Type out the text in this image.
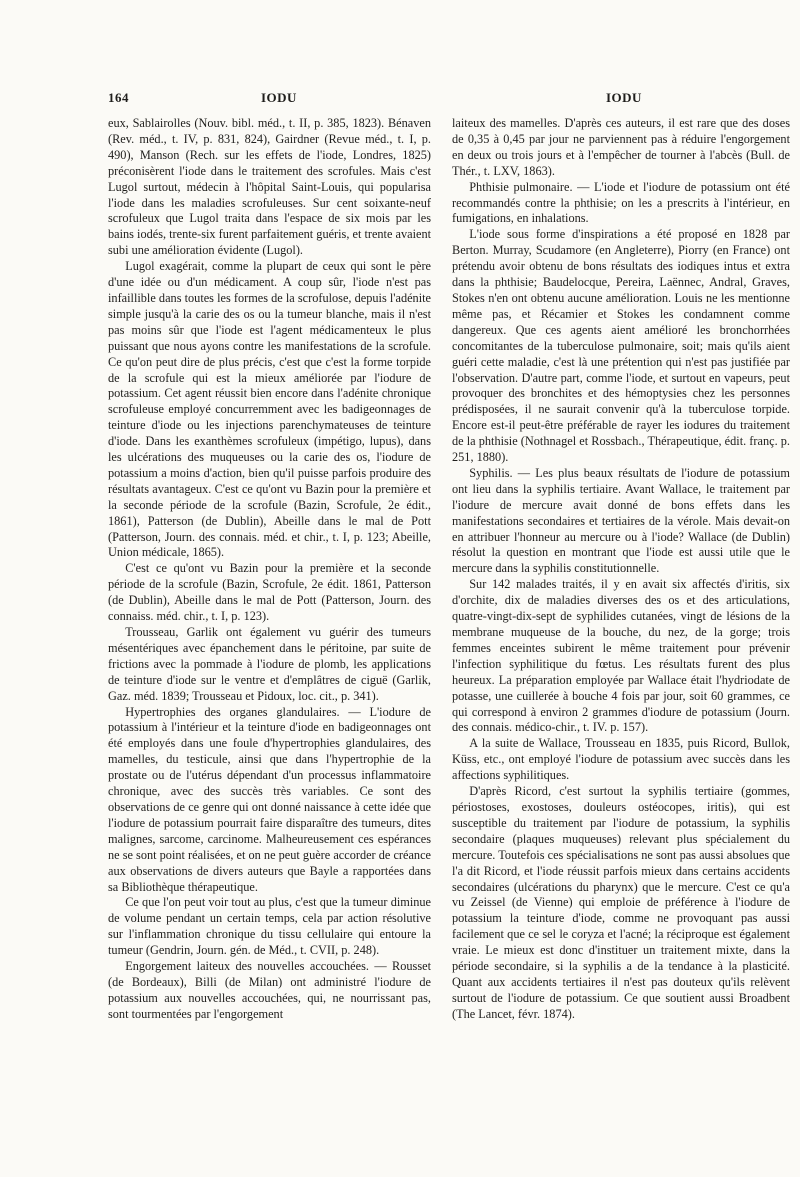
164	IODU	IODU

eux, Sablairolles (Nouv. bibl. méd., t. II, p. 385, 1823). Bénaven (Rev. méd., t. IV, p. 831, 824), Gairdner (Revue méd., t. I, p. 490), Manson (Rech. sur les effets de l'iode, Londres, 1825) préconisèrent l'iode dans le traitement des scrofules. Mais c'est Lugol surtout, médecin à l'hôpital Saint-Louis, qui popularisa l'iode dans les maladies scrofuleuses. Sur cent soixante-neuf scrofuleux que Lugol traita dans l'espace de six mois par les bains iodés, trente-six furent parfaitement guéris, et trente avaient subi une amélioration évidente (Lugol).

Lugol exagérait, comme la plupart de ceux qui sont le père d'une idée ou d'un médicament. A coup sûr, l'iode n'est pas infaillible dans toutes les formes de la scrofulose, depuis l'adénite simple jusqu'à la carie des os ou la tumeur blanche, mais il n'est pas moins sûr que l'iode est l'agent médicamenteux le plus puissant que nous ayons contre les manifestations de la scrofule. Ce qu'on peut dire de plus précis, c'est que c'est la forme torpide de la scrofule qui est la mieux améliorée par l'iodure de potassium. Cet agent réussit bien encore dans l'adénite chronique scrofuleuse employé concurremment avec les badigeonnages de teinture d'iode ou les injections parenchymateuses de teinture d'iode. Dans les exanthèmes scrofuleux (impétigo, lupus), dans les ulcérations des muqueuses ou la carie des os, l'iodure de potassium a moins d'action, bien qu'il puisse parfois produire des résultats avantageux. C'est ce qu'ont vu Bazin pour la première et la seconde période de la scrofule (Bazin, Scrofule, 2e édit., 1861), Patterson (de Dublin), Abeille dans le mal de Pott (Patterson, Journ. des connais. méd. et chir., t. I, p. 123; Abeille, Union médicale, 1865).

C'est ce qu'ont vu Bazin pour la première et la seconde période de la scrofule (Bazin, Scrofule, 2e édit. 1861, Patterson (de Dublin), Abeille dans le mal de Pott (Patterson, Journ. des connaiss. méd. chir., t. I, p. 123).

Trousseau, Garlik ont également vu guérir des tumeurs mésentériques avec épanchement dans le péritoine, par suite de frictions avec la pommade à l'iodure de plomb, les applications de teinture d'iode sur le ventre et d'emplâtres de ciguë (Garlik, Gaz. méd. 1839; Trousseau et Pidoux, loc. cit., p. 341).

Hypertrophies des organes glandulaires. — L'iodure de potassium à l'intérieur et la teinture d'iode en badigeonnages ont été employés dans une foule d'hypertrophies glandulaires, des mamelles, du testicule, ainsi que dans l'hypertrophie de la prostate ou de l'utérus dépendant d'un processus inflammatoire chronique, avec des succès très variables. Ce sont des observations de ce genre qui ont donné naissance à cette idée que l'iodure de potassium pourrait faire disparaître des tumeurs, dites malignes, sarcome, carcinome. Malheureusement ces espérances ne se sont point réalisées, et on ne peut guère accorder de créance aux observations de divers auteurs que Bayle a rapportées dans sa Bibliothèque thérapeutique.

Ce que l'on peut voir tout au plus, c'est que la tumeur diminue de volume pendant un certain temps, cela par action résolutive sur l'inflammation chronique du tissu cellulaire qui entoure la tumeur (Gendrin, Journ. gén. de Méd., t. CVII, p. 248).

Engorgement laiteux des nouvelles accouchées. — Rousset (de Bordeaux), Billi (de Milan) ont administré l'iodure de potassium aux nouvelles accouchées, qui, ne nourrissant pas, sont tourmentées par l'engorgement

laiteux des mamelles. D'après ces auteurs, il est rare que des doses de 0,35 à 0,45 par jour ne parviennent pas à réduire l'engorgement en deux ou trois jours et à l'empêcher de tourner à l'abcès (Bull. de Thér., t. LXV, 1863).

Phthisie pulmonaire. — L'iode et l'iodure de potassium ont été recommandés contre la phthisie; on les a prescrits à l'intérieur, en fumigations, en inhalations.

L'iode sous forme d'inspirations a été proposé en 1828 par Berton. Murray, Scudamore (en Angleterre), Piorry (en France) ont prétendu avoir obtenu de bons résultats des iodiques intus et extra dans la phthisie; Baudelocque, Pereira, Laënnec, Andral, Graves, Stokes n'en ont obtenu aucune amélioration. Louis ne les mentionne même pas, et Récamier et Stokes les condamnent comme dangereux. Que ces agents aient amélioré les bronchorrhées concomitantes de la tuberculose pulmonaire, soit; mais qu'ils aient guéri cette maladie, c'est là une prétention qui n'est pas justifiée par l'observation. D'autre part, comme l'iode, et surtout en vapeurs, peut provoquer des bronchites et des hémoptysies chez les personnes prédisposées, il ne saurait convenir qu'à la tuberculose torpide. Encore est-il peut-être préférable de rayer les iodures du traitement de la phthisie (Nothnagel et Rossbach., Thérapeutique, édit. franç. p. 251, 1880).

Syphilis. — Les plus beaux résultats de l'iodure de potassium ont lieu dans la syphilis tertiaire. Avant Wallace, le traitement par l'iodure de mercure avait donné de bons effets dans les manifestations secondaires et tertiaires de la vérole. Mais devait-on en attribuer l'honneur au mercure ou à l'iode? Wallace (de Dublin) résolut la question en montrant que l'iode est aussi utile que le mercure dans la syphilis constitutionnelle.

Sur 142 malades traités, il y en avait six affectés d'iritis, six d'orchite, dix de maladies diverses des os et des articulations, quatre-vingt-dix-sept de syphilides cutanées, vingt de lésions de la membrane muqueuse de la bouche, du nez, de la gorge; trois femmes enceintes subirent le même traitement pour prévenir l'infection syphilitique du fœtus. Les résultats furent des plus heureux. La préparation employée par Wallace était l'hydriodate de potasse, une cuillerée à bouche 4 fois par jour, soit 60 grammes, ce qui correspond à environ 2 grammes d'iodure de potassium (Journ. des connais. médico-chir., t. IV. p. 157).

A la suite de Wallace, Trousseau en 1835, puis Ricord, Bullok, Küss, etc., ont employé l'iodure de potassium avec succès dans les affections syphilitiques.

D'après Ricord, c'est surtout la syphilis tertiaire (gommes, périostoses, exostoses, douleurs ostéocopes, iritis), qui est susceptible du traitement par l'iodure de potassium, la syphilis secondaire (plaques muqueuses) relevant plus spécialement du mercure. Toutefois ces spécialisations ne sont pas aussi absolues que l'a dit Ricord, et l'iode réussit parfois mieux dans certains accidents secondaires (ulcérations du pharynx) que le mercure. C'est ce qu'a vu Zeissel (de Vienne) qui emploie de préférence à l'iodure de potassium la teinture d'iode, comme ne provoquant pas aussi facilement que ce sel le coryza et l'acné; la réciproque est également vraie. Le mieux est donc d'instituer un traitement mixte, dans la période secondaire, si la syphilis a de la tendance à la plasticité. Quant aux accidents tertiaires il n'est pas douteux qu'ils relèvent surtout de l'iodure de potassium. Ce que soutient aussi Broadbent (The Lancet, févr. 1874).
